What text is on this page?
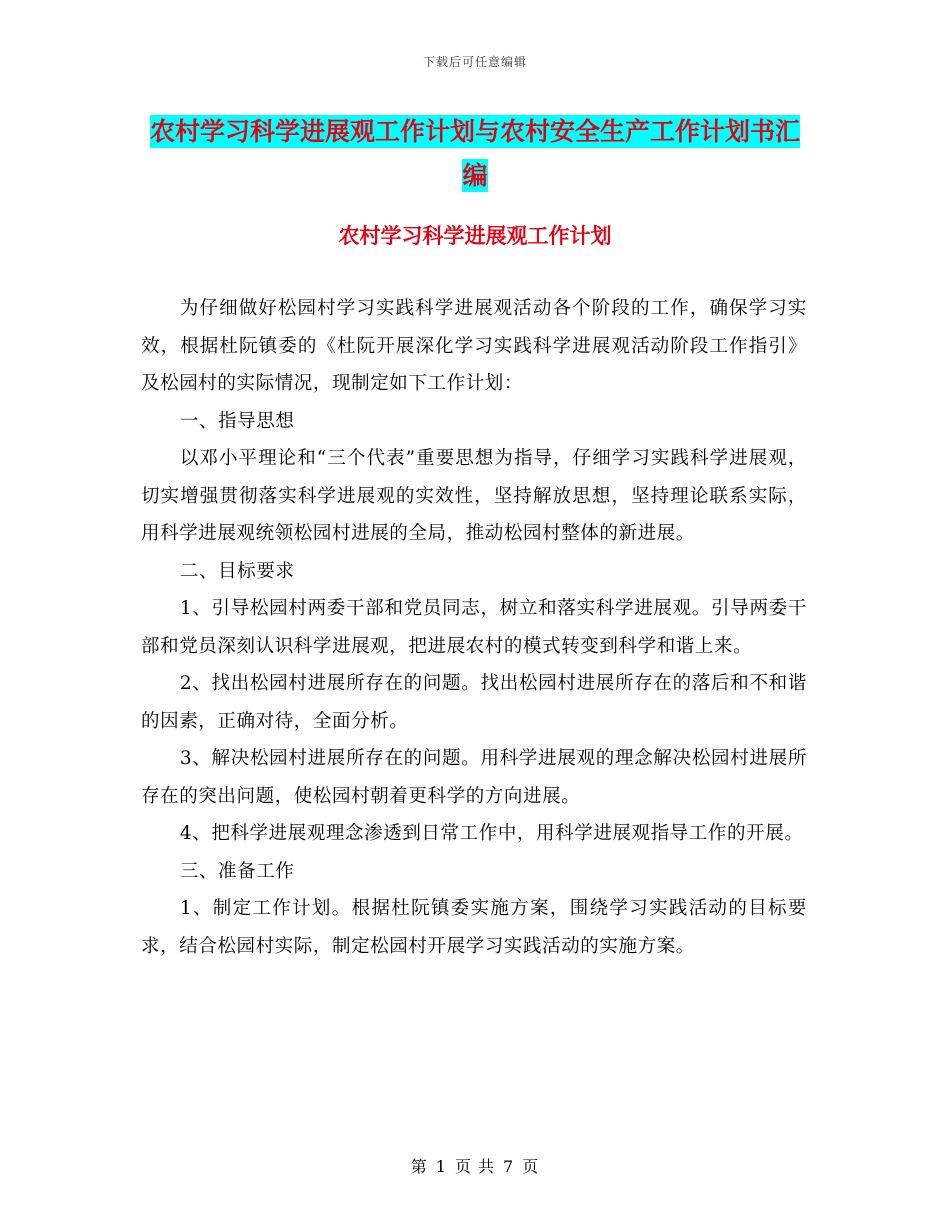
下载后可任意编辑
农村学习科学进展观工作计划与农村安全生产工作计划书汇编
农村学习科学进展观工作计划

为仔细做好松园村学习实践科学进展观活动各个阶段的工作，确保学习实效，根据杜阮镇委的《杜阮开展深化学习实践科学进展观活动阶段工作指引》及松园村的实际情况，现制定如下工作计划：

一、指导思想

以邓小平理论和“三个代表”重要思想为指导，仔细学习实践科学进展观，切实增强贯彻落实科学进展观的实效性，坚持解放思想，坚持理论联系实际，用科学进展观统领松园村进展的全局，推动松园村整体的新进展。

二、目标要求

1、引导松园村两委干部和党员同志，树立和落实科学进展观。引导两委干部和党员深刻认识科学进展观，把进展农村的模式转变到科学和谐上来。

2、找出松园村进展所存在的问题。找出松园村进展所存在的落后和不和谐的因素，正确对待，全面分析。

3、解决松园村进展所存在的问题。用科学进展观的理念解决松园村进展所存在的突出问题，使松园村朝着更科学的方向进展。

4、把科学进展观理念渗透到日常工作中，用科学进展观指导工作的开展。

三、准备工作

1、制定工作计划。根据杜阮镇委实施方案，围绕学习实践活动的目标要求，结合松园村实际，制定松园村开展学习实践活动的实施方案。

第 1 页 共 7 页
